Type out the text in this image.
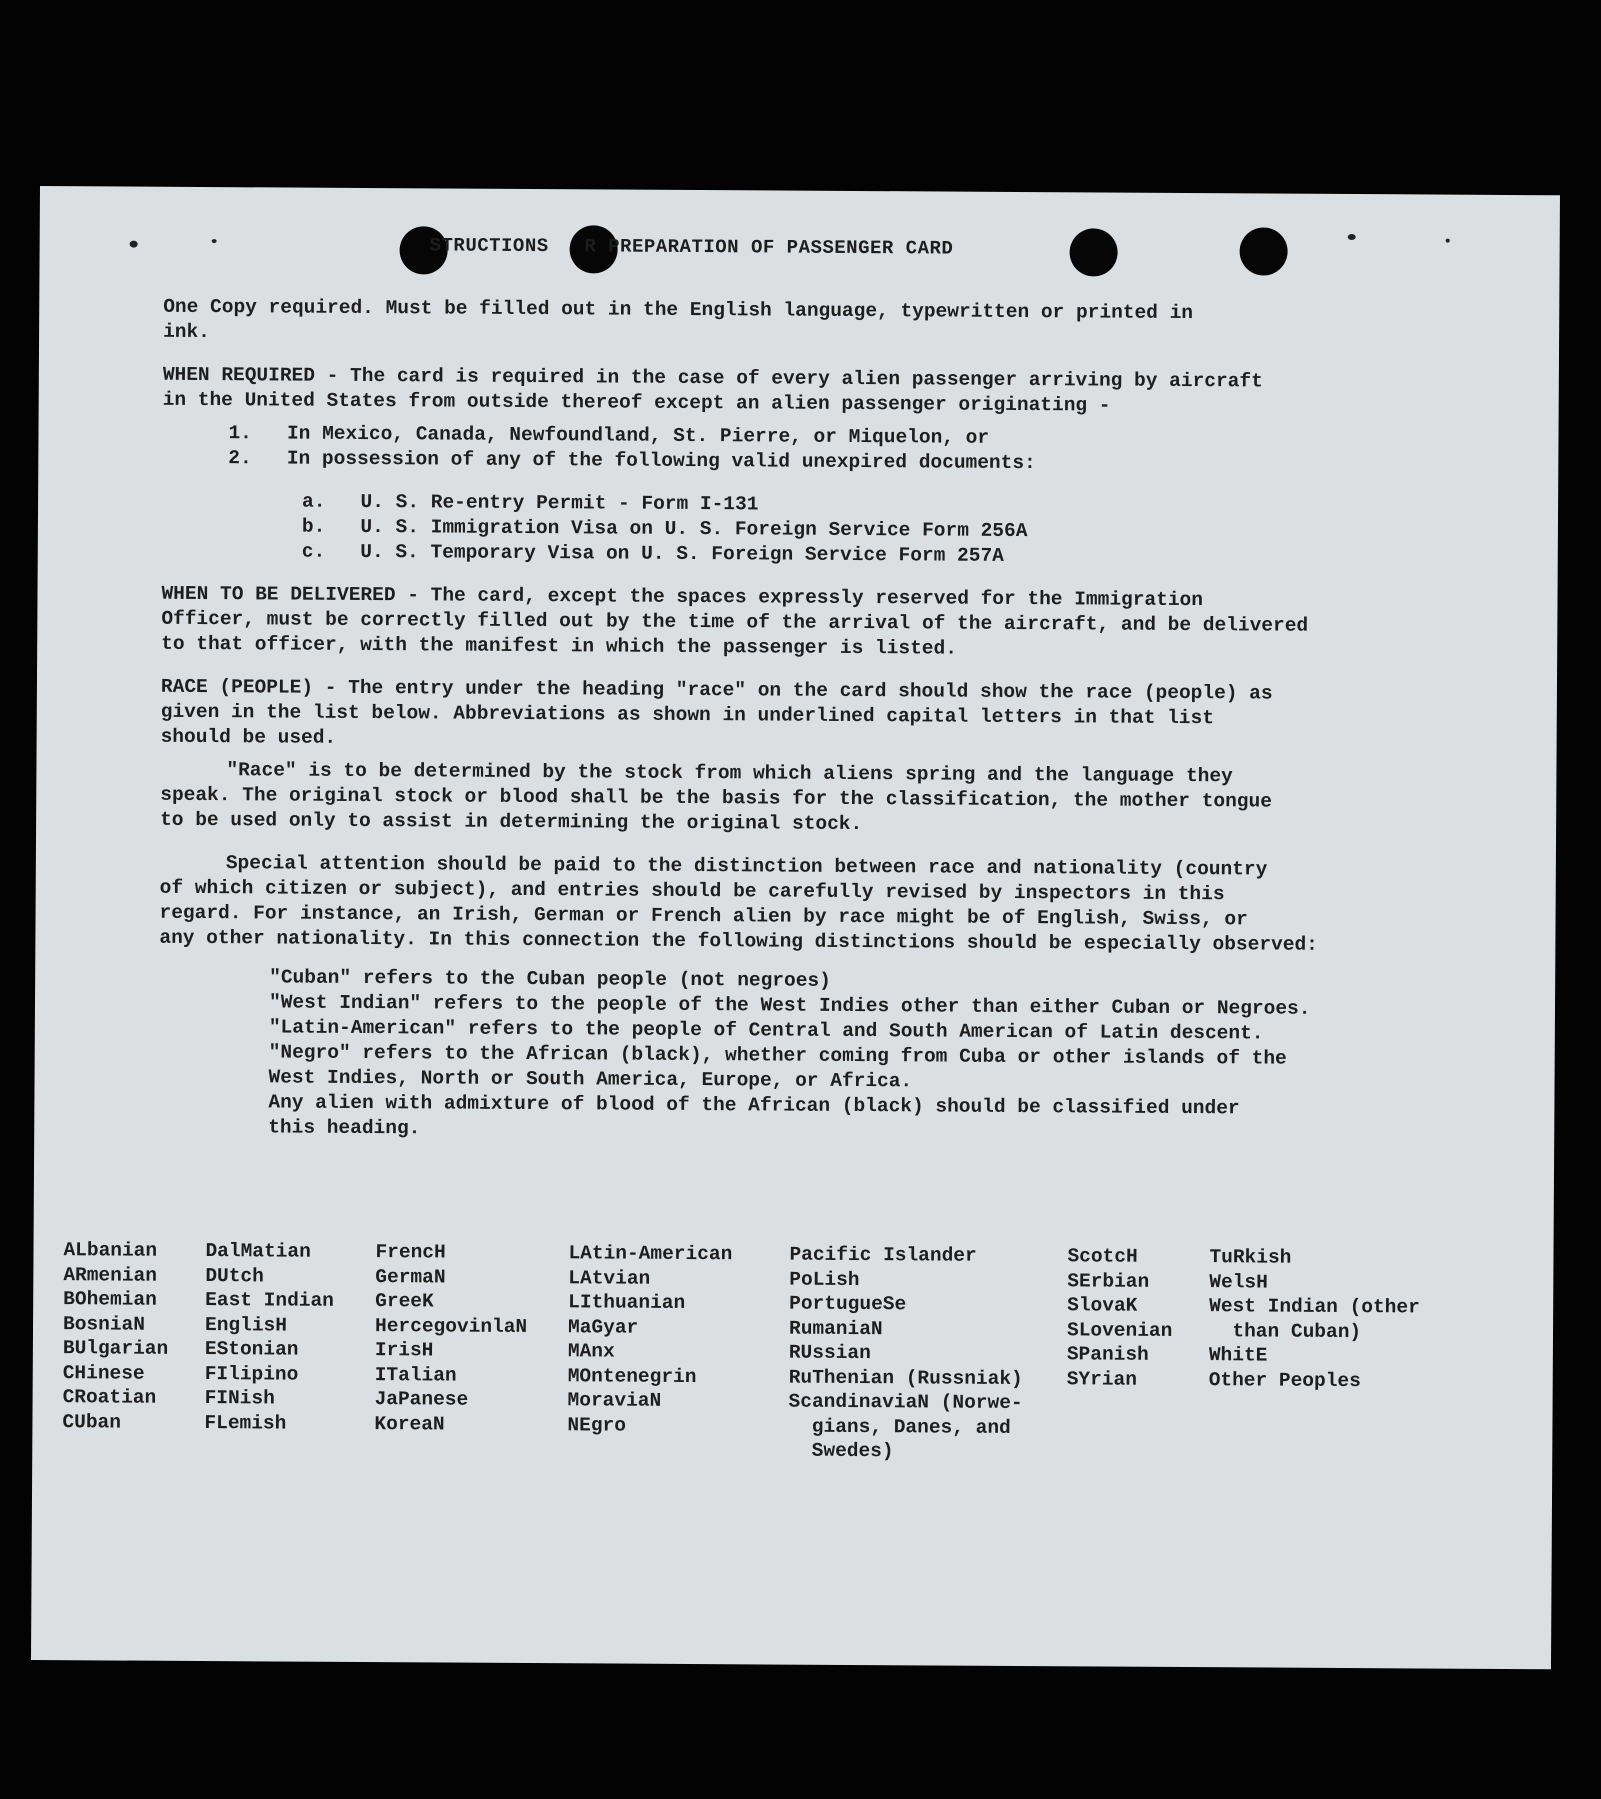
STRUCTIONS   R PREPARATION OF PASSENGER CARD

One Copy required. Must be filled out in the English language, typewritten or printed in
ink.

WHEN REQUIRED - The card is required in the case of every alien passenger arriving by aircraft
in the United States from outside thereof except an alien passenger originating -

1.   In Mexico, Canada, Newfoundland, St. Pierre, or Miquelon, or
2.   In possession of any of the following valid unexpired documents:
a.   U. S. Re-entry Permit - Form I-131
b.   U. S. Immigration Visa on U. S. Foreign Service Form 256A
c.   U. S. Temporary Visa on U. S. Foreign Service Form 257A

WHEN TO BE DELIVERED - The card, except the spaces expressly reserved for the Immigration
Officer, must be correctly filled out by the time of the arrival of the aircraft, and be delivered
to that officer, with the manifest in which the passenger is listed.

RACE (PEOPLE) - The entry under the heading "race" on the card should show the race (people) as
given in the list below. Abbreviations as shown in underlined capital letters in that list
should be used.

"Race" is to be determined by the stock from which aliens spring and the language they
speak. The original stock or blood shall be the basis for the classification, the mother tongue
to be used only to assist in determining the original stock.

Special attention should be paid to the distinction between race and nationality (country
of which citizen or subject), and entries should be carefully revised by inspectors in this
regard. For instance, an Irish, German or French alien by race might be of English, Swiss, or
any other nationality. In this connection the following distinctions should be especially observed:

"Cuban" refers to the Cuban people (not negroes)
"West Indian" refers to the people of the West Indies other than either Cuban or Negroes.
"Latin-American" refers to the people of Central and South American of Latin descent.
"Negro" refers to the African (black), whether coming from Cuba or other islands of the
West Indies, North or South America, Europe, or Africa.
Any alien with admixture of blood of the African (black) should be classified under
this heading.
ALbanian
ARmenian
BOhemian
BosniaN
BUlgarian
CHinese
CRoatian
CUban
DalMatian
DUtch
East Indian
EnglisH
EStonian
FIlipino
FINish
FLemish
FrencH
GermaN
GreeK
HercegovinlaN
IrisH
ITalian
JaPanese
KoreaN
LAtin-American
LAtvian
LIthuanian
MaGyar
MAnx
MOntenegrin
MoraviaN
NEgro
Pacific Islander
PoLish
PortugueSe
RumaniaN
RUssian
RuThenian (Russniak)
ScandinaviaN (Norwe-
gians, Danes, and
Swedes)
ScotcH
SErbian
SlovaK
SLovenian
SPanish
SYrian
TuRkish
WelsH
West Indian (other
than Cuban)
WhitE
Other Peoples
